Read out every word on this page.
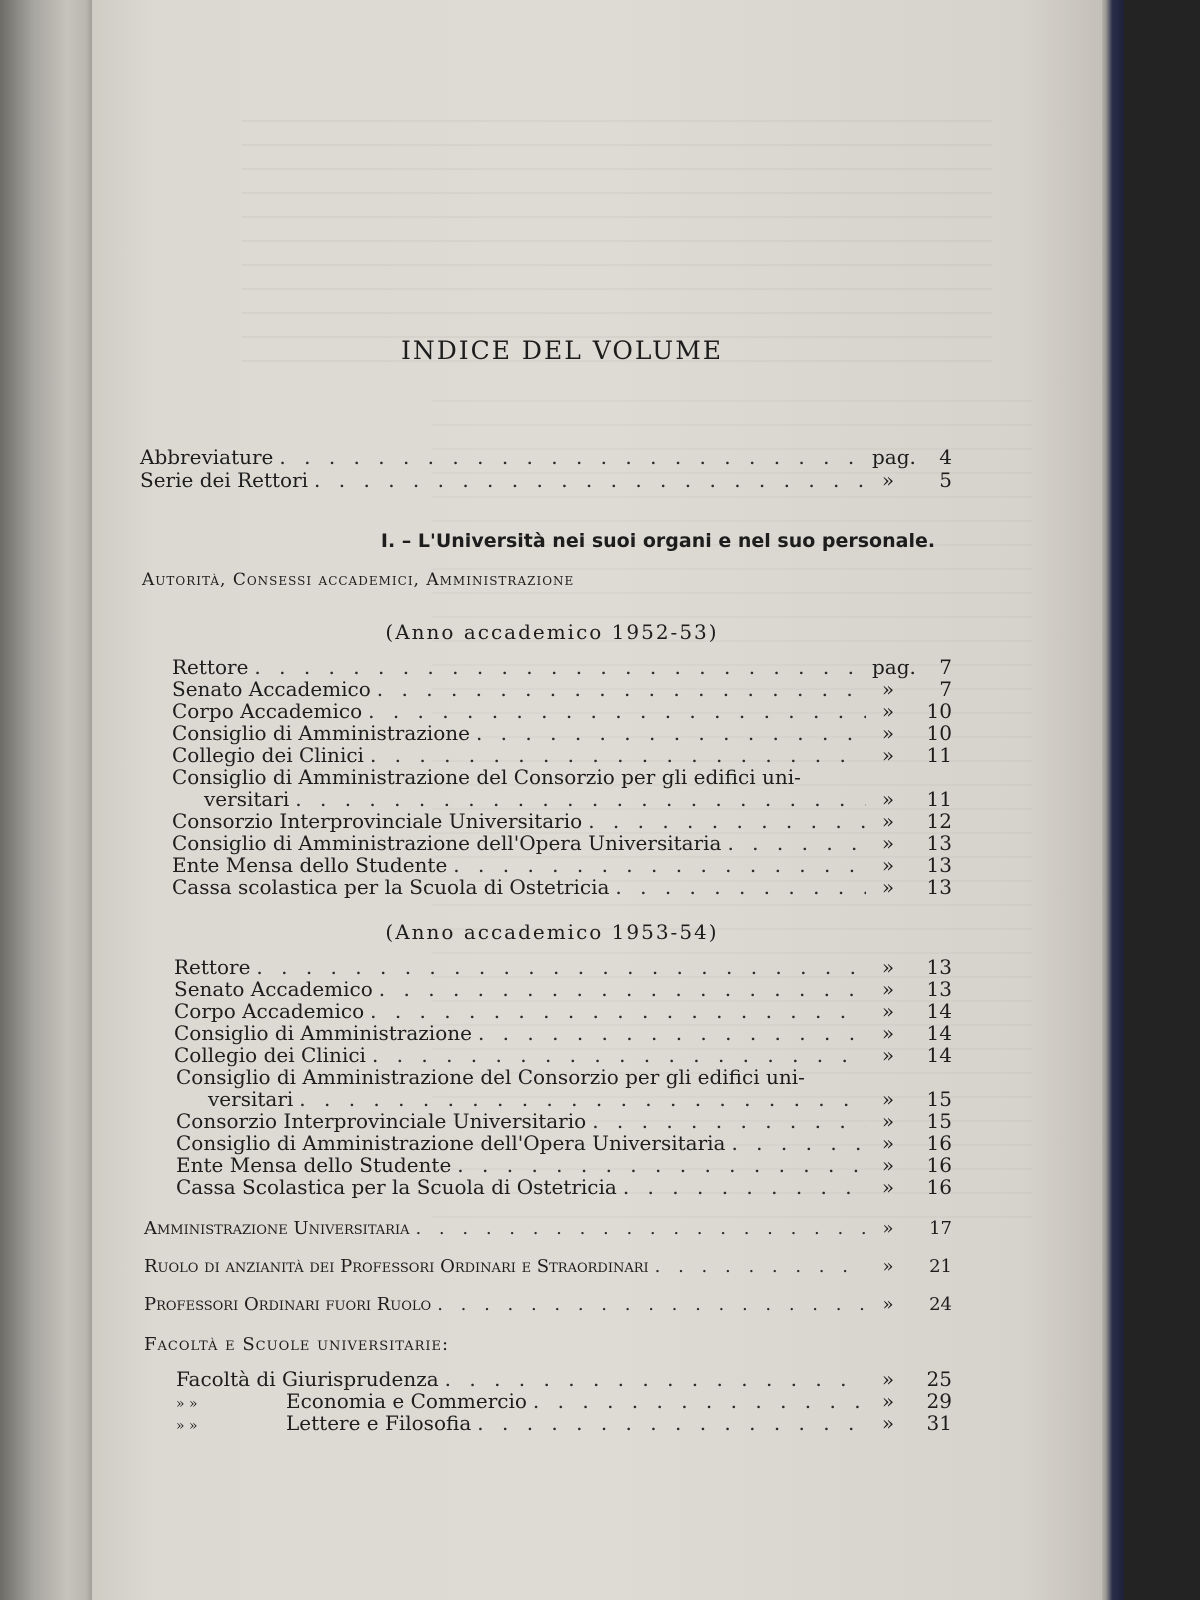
INDICE DEL VOLUME
Abbreviature . . .	pag.	4
Serie dei Rettori . . .	»	5
I. – L'Università nei suoi organi e nel suo personale.
Autorità, Consessi accademici, Amministrazione
(Anno accademico 1952-53)
Rettore . . .	pag.	7
Senato Accademico . . .	»	7
Corpo Accademico . . .	»	10
Consiglio di Amministrazione . . .	»	10
Collegio dei Clinici . . .	»	11
Consiglio di Amministrazione del Consorzio per gli edifici uni-
versitari . . .	»	11
Consorzio Interprovinciale Universitario . . .	»	12
Consiglio di Amministrazione dell'Opera Universitaria . . .	»	13
Ente Mensa dello Studente . . .	»	13
Cassa scolastica per la Scuola di Ostetricia . . .	»	13
(Anno accademico 1953-54)
Rettore . . .	»	13
Senato Accademico . . .	»	13
Corpo Accademico . . .	»	14
Consiglio di Amministrazione . . .	»	14
Collegio dei Clinici . . .	»	14
Consiglio di Amministrazione del Consorzio per gli edifici uni-
versitari . . .	»	15
Consorzio Interprovinciale Universitario . . .	»	15
Consiglio di Amministrazione dell'Opera Universitaria . . .	»	16
Ente Mensa dello Studente . . .	»	16
Cassa Scolastica per la Scuola di Ostetricia . . .	»	16
Amministrazione Universitaria . . .	»	17
Ruolo di anzianità dei Professori Ordinari e Straordinari . . .	»	21
Professori Ordinari fuori Ruolo . . .	»	24
Facoltà e Scuole universitarie:
Facoltà di Giurisprudenza . . .	»	25
» »	Economia e Commercio . . .	»	29
» »	Lettere e Filosofia . . .	»	31
